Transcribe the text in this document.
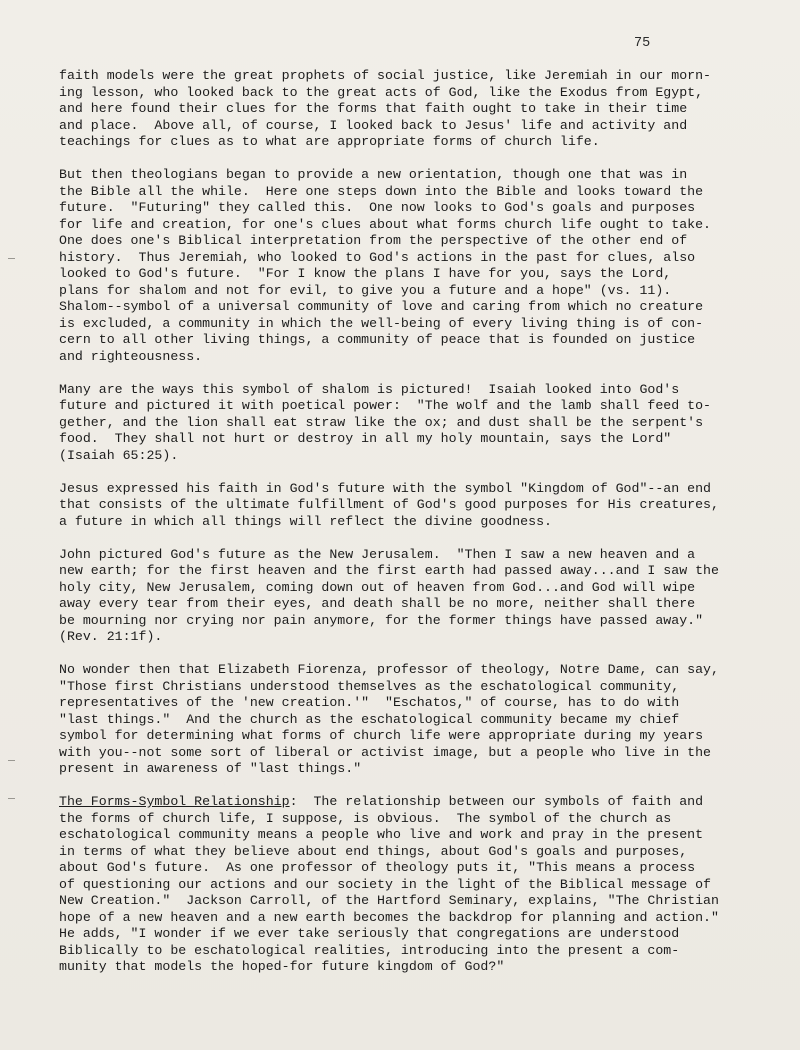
75

faith models were the great prophets of social justice, like Jeremiah in our morn-
ing lesson, who looked back to the great acts of God, like the Exodus from Egypt,
and here found their clues for the forms that faith ought to take in their time
and place.  Above all, of course, I looked back to Jesus' life and activity and
teachings for clues as to what are appropriate forms of church life.

But then theologians began to provide a new orientation, though one that was in
the Bible all the while.  Here one steps down into the Bible and looks toward the
future.  "Futuring" they called this.  One now looks to God's goals and purposes
for life and creation, for one's clues about what forms church life ought to take.
One does one's Biblical interpretation from the perspective of the other end of
history.  Thus Jeremiah, who looked to God's actions in the past for clues, also
looked to God's future.  "For I know the plans I have for you, says the Lord,
plans for shalom and not for evil, to give you a future and a hope" (vs. 11).
Shalom--symbol of a universal community of love and caring from which no creature
is excluded, a community in which the well-being of every living thing is of con-
cern to all other living things, a community of peace that is founded on justice
and righteousness.

Many are the ways this symbol of shalom is pictured!  Isaiah looked into God's
future and pictured it with poetical power:  "The wolf and the lamb shall feed to-
gether, and the lion shall eat straw like the ox; and dust shall be the serpent's
food.  They shall not hurt or destroy in all my holy mountain, says the Lord"
(Isaiah 65:25).

Jesus expressed his faith in God's future with the symbol "Kingdom of God"--an end
that consists of the ultimate fulfillment of God's good purposes for His creatures,
a future in which all things will reflect the divine goodness.

John pictured God's future as the New Jerusalem.  "Then I saw a new heaven and a
new earth; for the first heaven and the first earth had passed away...and I saw the
holy city, New Jerusalem, coming down out of heaven from God...and God will wipe
away every tear from their eyes, and death shall be no more, neither shall there
be mourning nor crying nor pain anymore, for the former things have passed away."
(Rev. 21:1f).

No wonder then that Elizabeth Fiorenza, professor of theology, Notre Dame, can say,
"Those first Christians understood themselves as the eschatological community,
representatives of the 'new creation.'"  "Eschatos," of course, has to do with
"last things."  And the church as the eschatological community became my chief
symbol for determining what forms of church life were appropriate during my years
with you--not some sort of liberal or activist image, but a people who live in the
present in awareness of "last things."

The Forms-Symbol Relationship:  The relationship between our symbols of faith and
the forms of church life, I suppose, is obvious.  The symbol of the church as
eschatological community means a people who live and work and pray in the present
in terms of what they believe about end things, about God's goals and purposes,
about God's future.  As one professor of theology puts it, "This means a process
of questioning our actions and our society in the light of the Biblical message of
New Creation."  Jackson Carroll, of the Hartford Seminary, explains, "The Christian
hope of a new heaven and a new earth becomes the backdrop for planning and action."
He adds, "I wonder if we ever take seriously that congregations are understood
Biblically to be eschatological realities, introducing into the present a com-
munity that models the hoped-for future kingdom of God?"
